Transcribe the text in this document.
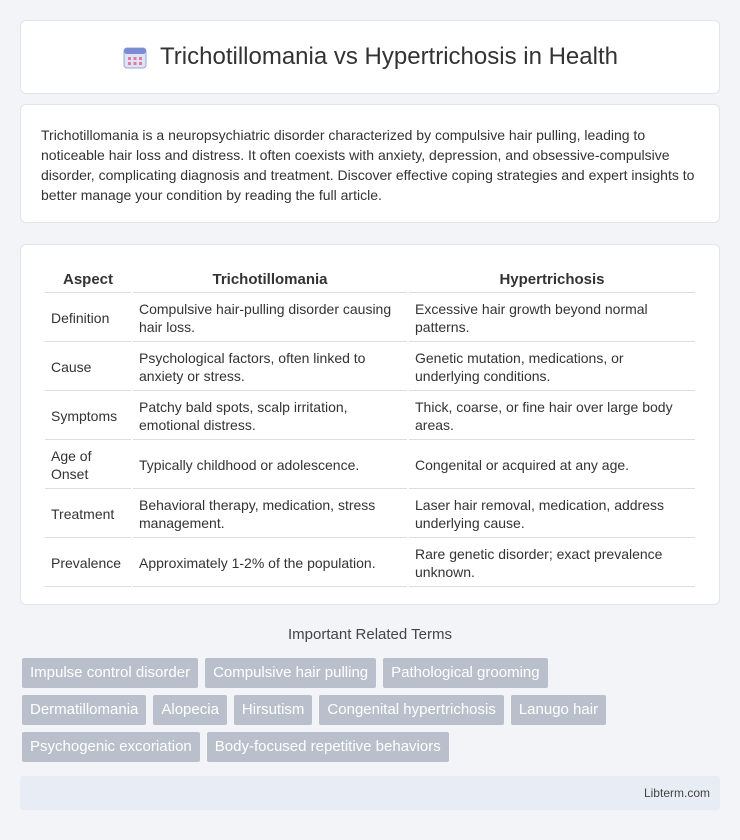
Trichotillomania vs Hypertrichosis in Health

Trichotillomania is a neuropsychiatric disorder characterized by compulsive hair pulling, leading to noticeable hair loss and distress. It often coexists with anxiety, depression, and obsessive-compulsive disorder, complicating diagnosis and treatment. Discover effective coping strategies and expert insights to better manage your condition by reading the full article.

Aspect	Trichotillomania	Hypertrichosis
Definition	Compulsive hair-pulling disorder causing hair loss.	Excessive hair growth beyond normal patterns.
Cause	Psychological factors, often linked to anxiety or stress.	Genetic mutation, medications, or underlying conditions.
Symptoms	Patchy bald spots, scalp irritation, emotional distress.	Thick, coarse, or fine hair over large body areas.
Age of Onset	Typically childhood or adolescence.	Congenital or acquired at any age.
Treatment	Behavioral therapy, medication, stress management.	Laser hair removal, medication, address underlying cause.
Prevalence	Approximately 1-2% of the population.	Rare genetic disorder; exact prevalence unknown.
Important Related Terms
Impulse control disorder	Compulsive hair pulling	Pathological grooming
Dermatillomania	Alopecia	Hirsutism	Congenital hypertrichosis	Lanugo hair
Psychogenic excoriation	Body-focused repetitive behaviors
Libterm.com
